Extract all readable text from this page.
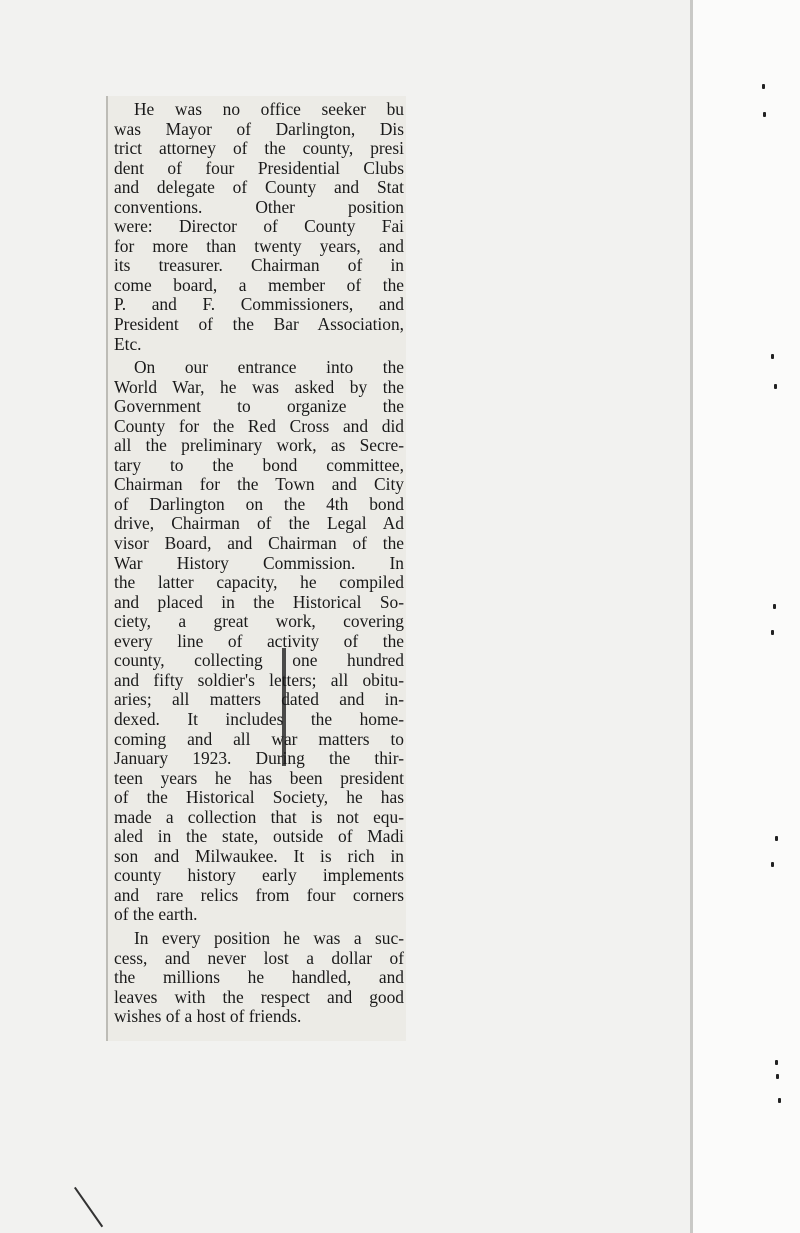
He was no office seeker bu
was Mayor of Darlington, Dis
trict attorney of the county, presi
dent of four Presidential Clubs
and delegate of County and Stat
conventions. Other position
were: Director of County Fai
for more than twenty years, and
its treasurer. Chairman of in
come board, a member of the
P. and F. Commissioners, and
President of the Bar Association,
Etc.

On our entrance into the
World War, he was asked by the
Government to organize the
County for the Red Cross and did
all the preliminary work, as Secre-
tary to the bond committee,
Chairman for the Town and City
of Darlington on the 4th bond
drive, Chairman of the Legal Ad
visor Board, and Chairman of the
War History Commission. In
the latter capacity, he compiled
and placed in the Historical So-
ciety, a great work, covering
every line of activity of the
county, collecting one hundred
and fifty soldier's letters; all obitu-
aries; all matters dated and in-
dexed. It includes the home-
coming and all war matters to
January 1923. During the thir-
teen years he has been president
of the Historical Society, he has
made a collection that is not equ-
aled in the state, outside of Madi
son and Milwaukee. It is rich in
county history early implements
and rare relics from four corners
of the earth.

In every position he was a suc-
cess, and never lost a dollar of
the millions he handled, and
leaves with the respect and good
wishes of a host of friends.
